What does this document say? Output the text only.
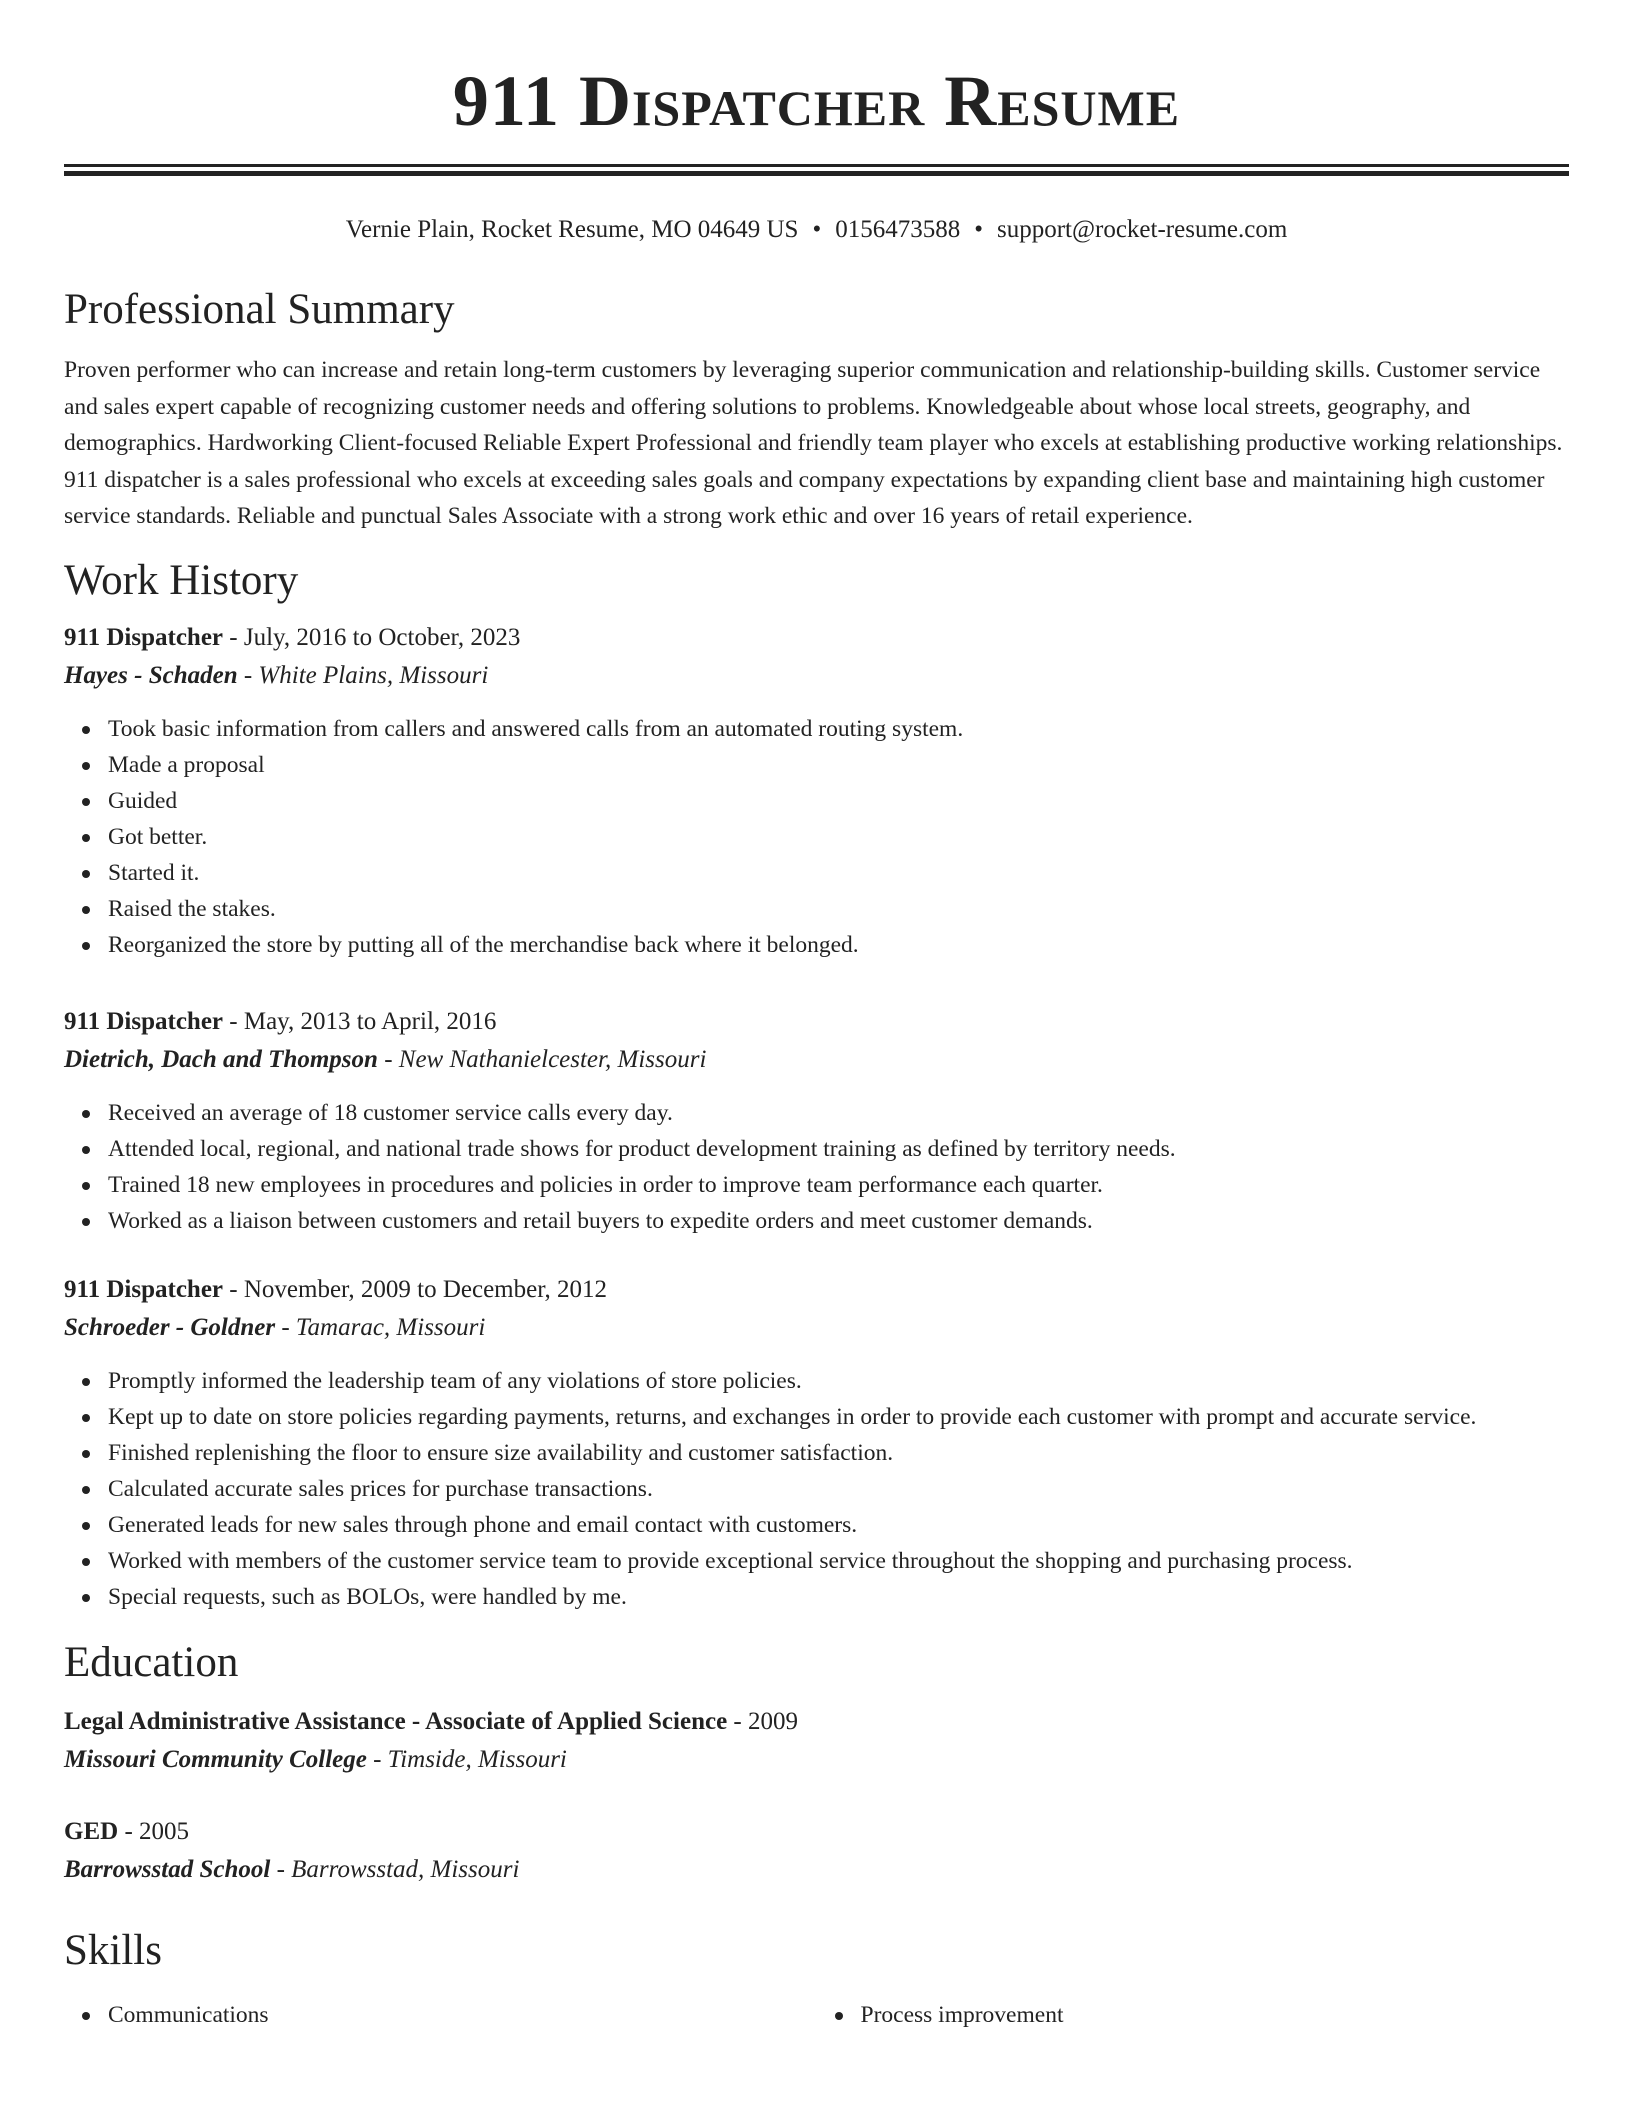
911 Dispatcher Resume
Vernie Plain, Rocket Resume, MO 04649 US • 0156473588 • support@rocket-resume.com
Professional Summary

Proven performer who can increase and retain long-term customers by leveraging superior communication and relationship-building skills. Customer service and sales expert capable of recognizing customer needs and offering solutions to problems. Knowledgeable about whose local streets, geography, and demographics. Hardworking Client-focused Reliable Expert Professional and friendly team player who excels at establishing productive working relationships. 911 dispatcher is a sales professional who excels at exceeding sales goals and company expectations by expanding client base and maintaining high customer service standards. Reliable and punctual Sales Associate with a strong work ethic and over 16 years of retail experience.

Work History
911 Dispatcher - July, 2016 to October, 2023
Hayes - Schaden - White Plains, Missouri
Took basic information from callers and answered calls from an automated routing system.
Made a proposal
Guided
Got better.
Started it.
Raised the stakes.
Reorganized the store by putting all of the merchandise back where it belonged.
911 Dispatcher - May, 2013 to April, 2016
Dietrich, Dach and Thompson - New Nathanielcester, Missouri
Received an average of 18 customer service calls every day.
Attended local, regional, and national trade shows for product development training as defined by territory needs.
Trained 18 new employees in procedures and policies in order to improve team performance each quarter.
Worked as a liaison between customers and retail buyers to expedite orders and meet customer demands.
911 Dispatcher - November, 2009 to December, 2012
Schroeder - Goldner - Tamarac, Missouri
Promptly informed the leadership team of any violations of store policies.
Kept up to date on store policies regarding payments, returns, and exchanges in order to provide each customer with prompt and accurate service.
Finished replenishing the floor to ensure size availability and customer satisfaction.
Calculated accurate sales prices for purchase transactions.
Generated leads for new sales through phone and email contact with customers.
Worked with members of the customer service team to provide exceptional service throughout the shopping and purchasing process.
Special requests, such as BOLOs, were handled by me.
Education
Legal Administrative Assistance - Associate of Applied Science - 2009
Missouri Community College - Timside, Missouri
GED - 2005
Barrowsstad School - Barrowsstad, Missouri
Skills
Communications	Process improvement
